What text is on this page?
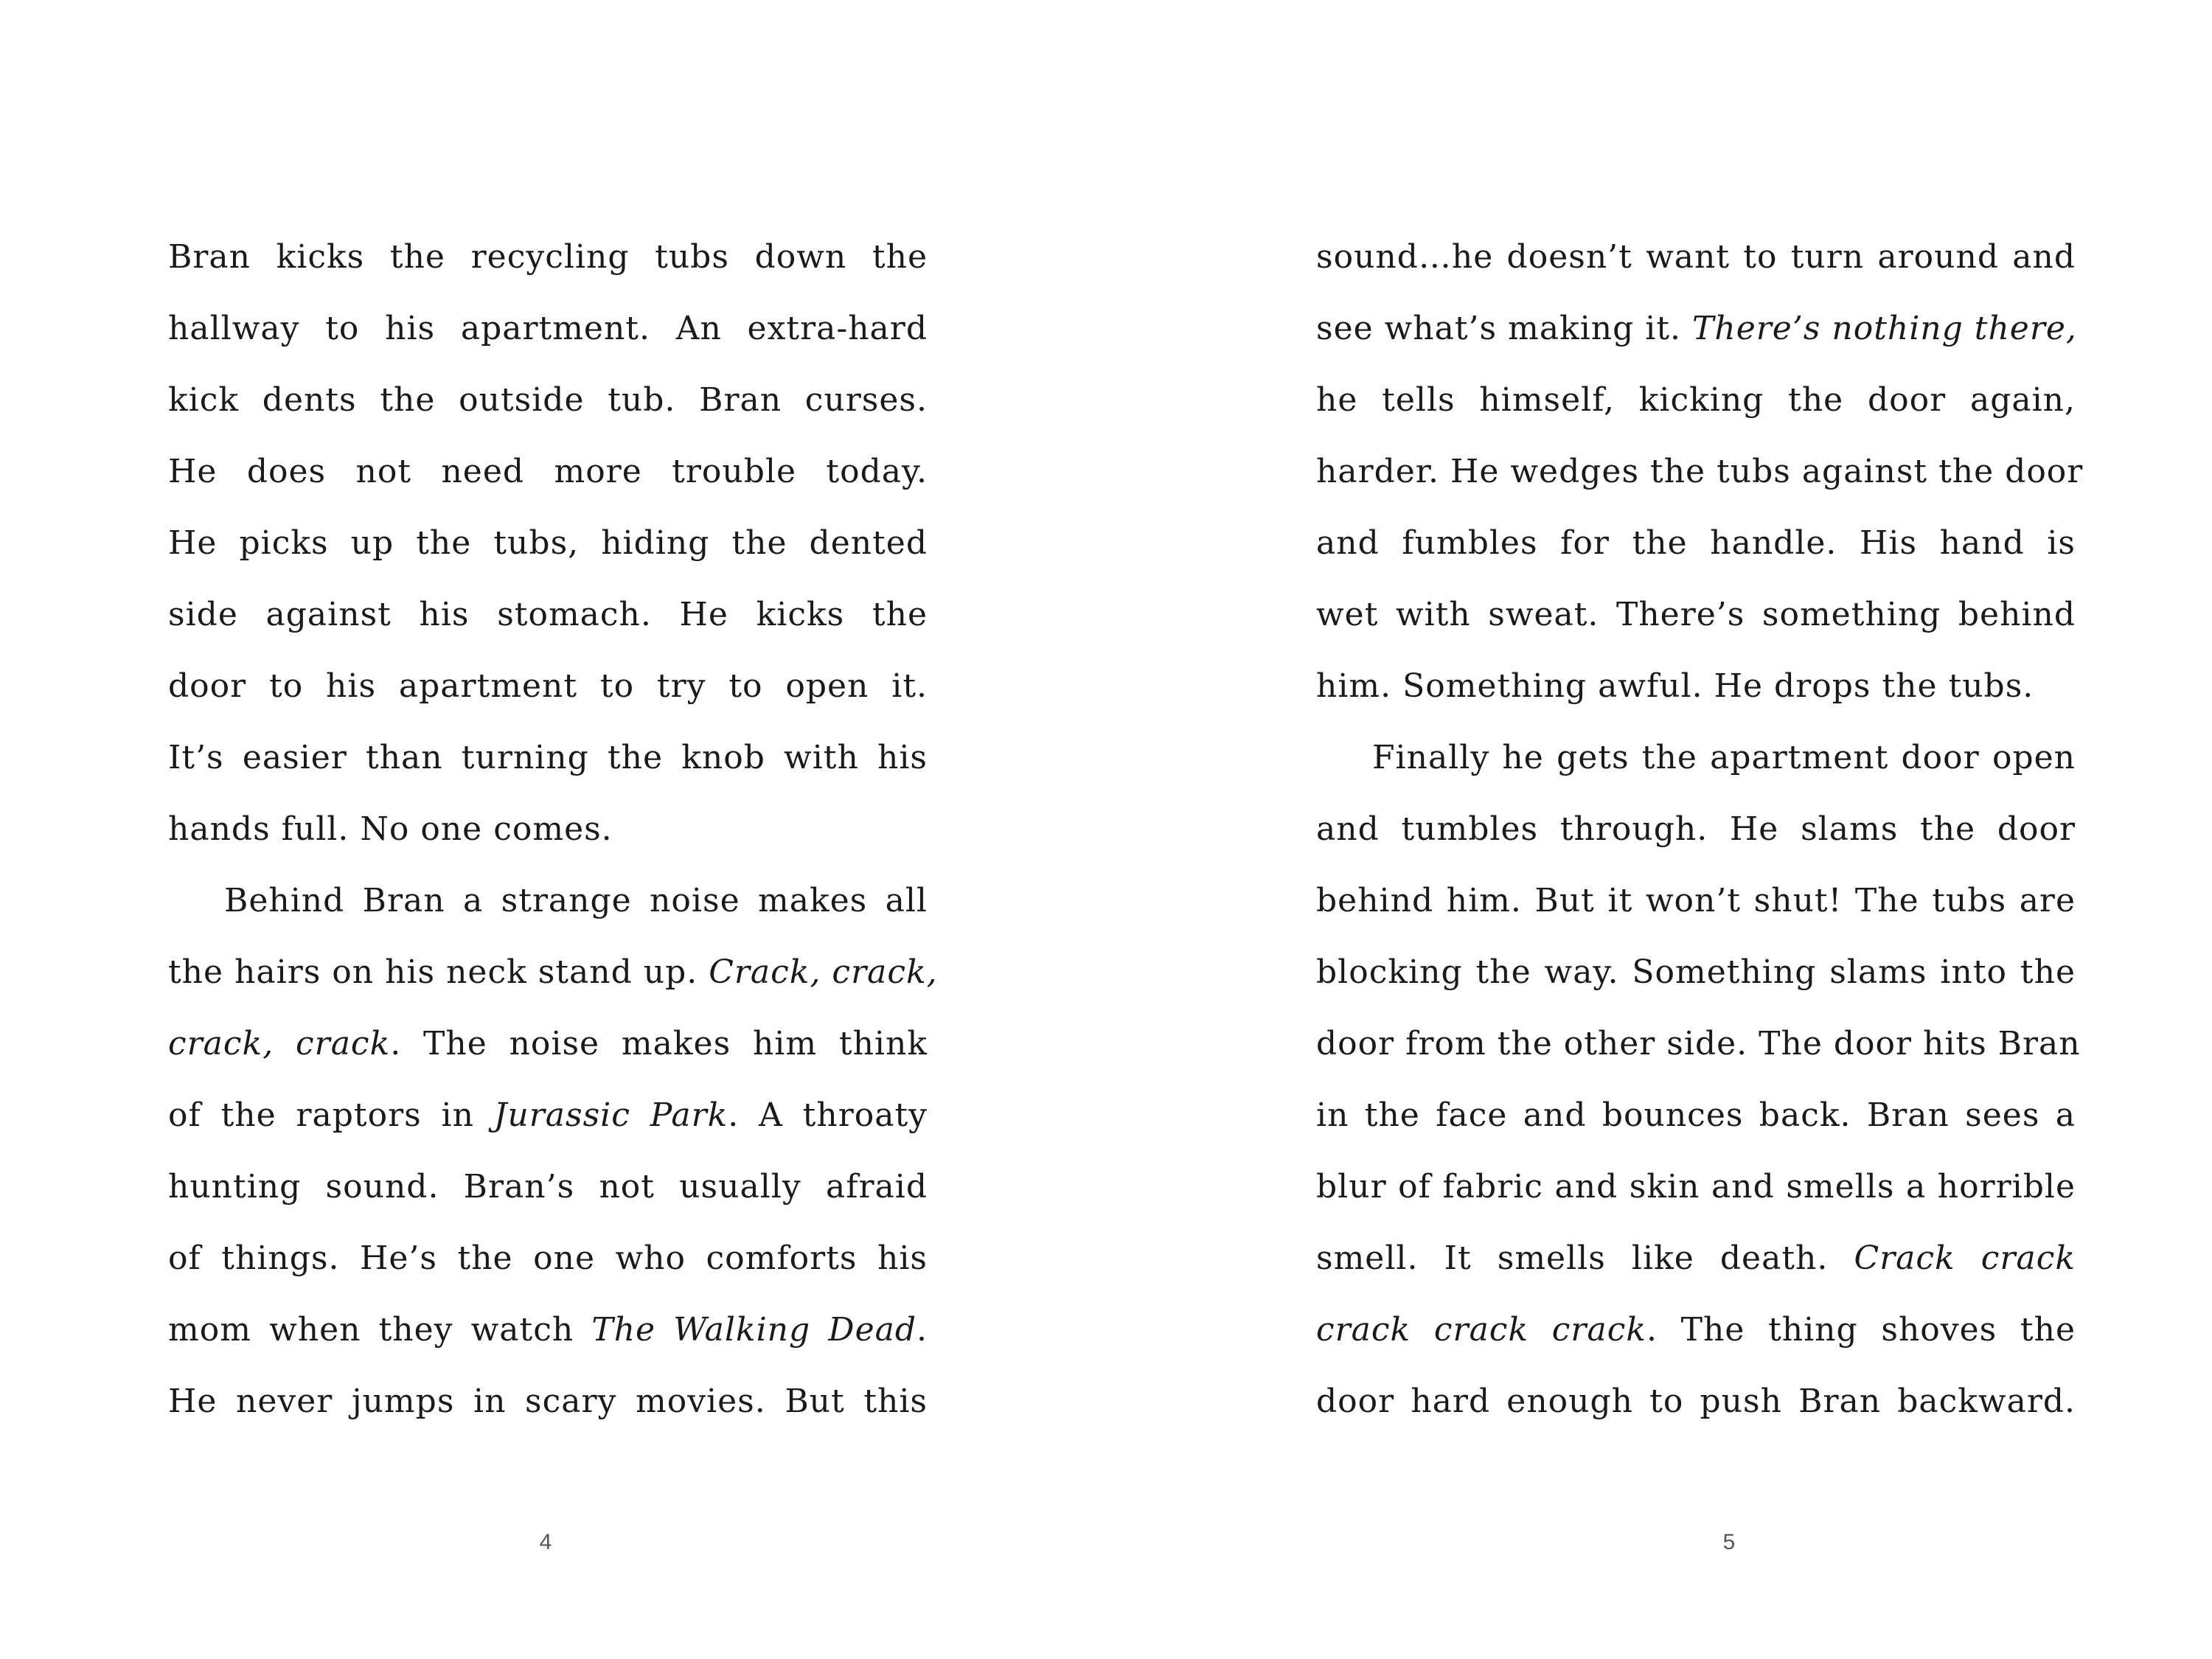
Bran kicks the recycling tubs down the
hallway to his apartment. An extra-hard
kick dents the outside tub. Bran curses.
He does not need more trouble today.
He picks up the tubs, hiding the dented
side against his stomach. He kicks the
door to his apartment to try to open it.
It’s easier than turning the knob with his
hands full. No one comes.
Behind Bran a strange noise makes all
the hairs on his neck stand up. Crack, crack,
crack, crack. The noise makes him think
of the raptors in Jurassic Park. A throaty
hunting sound. Bran’s not usually afraid
of things. He’s the one who comforts his
mom when they watch The Walking Dead.
He never jumps in scary movies. But this
4
sound…he doesn’t want to turn around and
see what’s making it. There’s nothing there,
he tells himself, kicking the door again,
harder. He wedges the tubs against the door
and fumbles for the handle. His hand is
wet with sweat. There’s something behind
him. Something awful. He drops the tubs.
Finally he gets the apartment door open
and tumbles through. He slams the door
behind him. But it won’t shut! The tubs are
blocking the way. Something slams into the
door from the other side. The door hits Bran
in the face and bounces back. Bran sees a
blur of fabric and skin and smells a horrible
smell. It smells like death. Crack crack
crack crack crack. The thing shoves the
door hard enough to push Bran backward.
5
